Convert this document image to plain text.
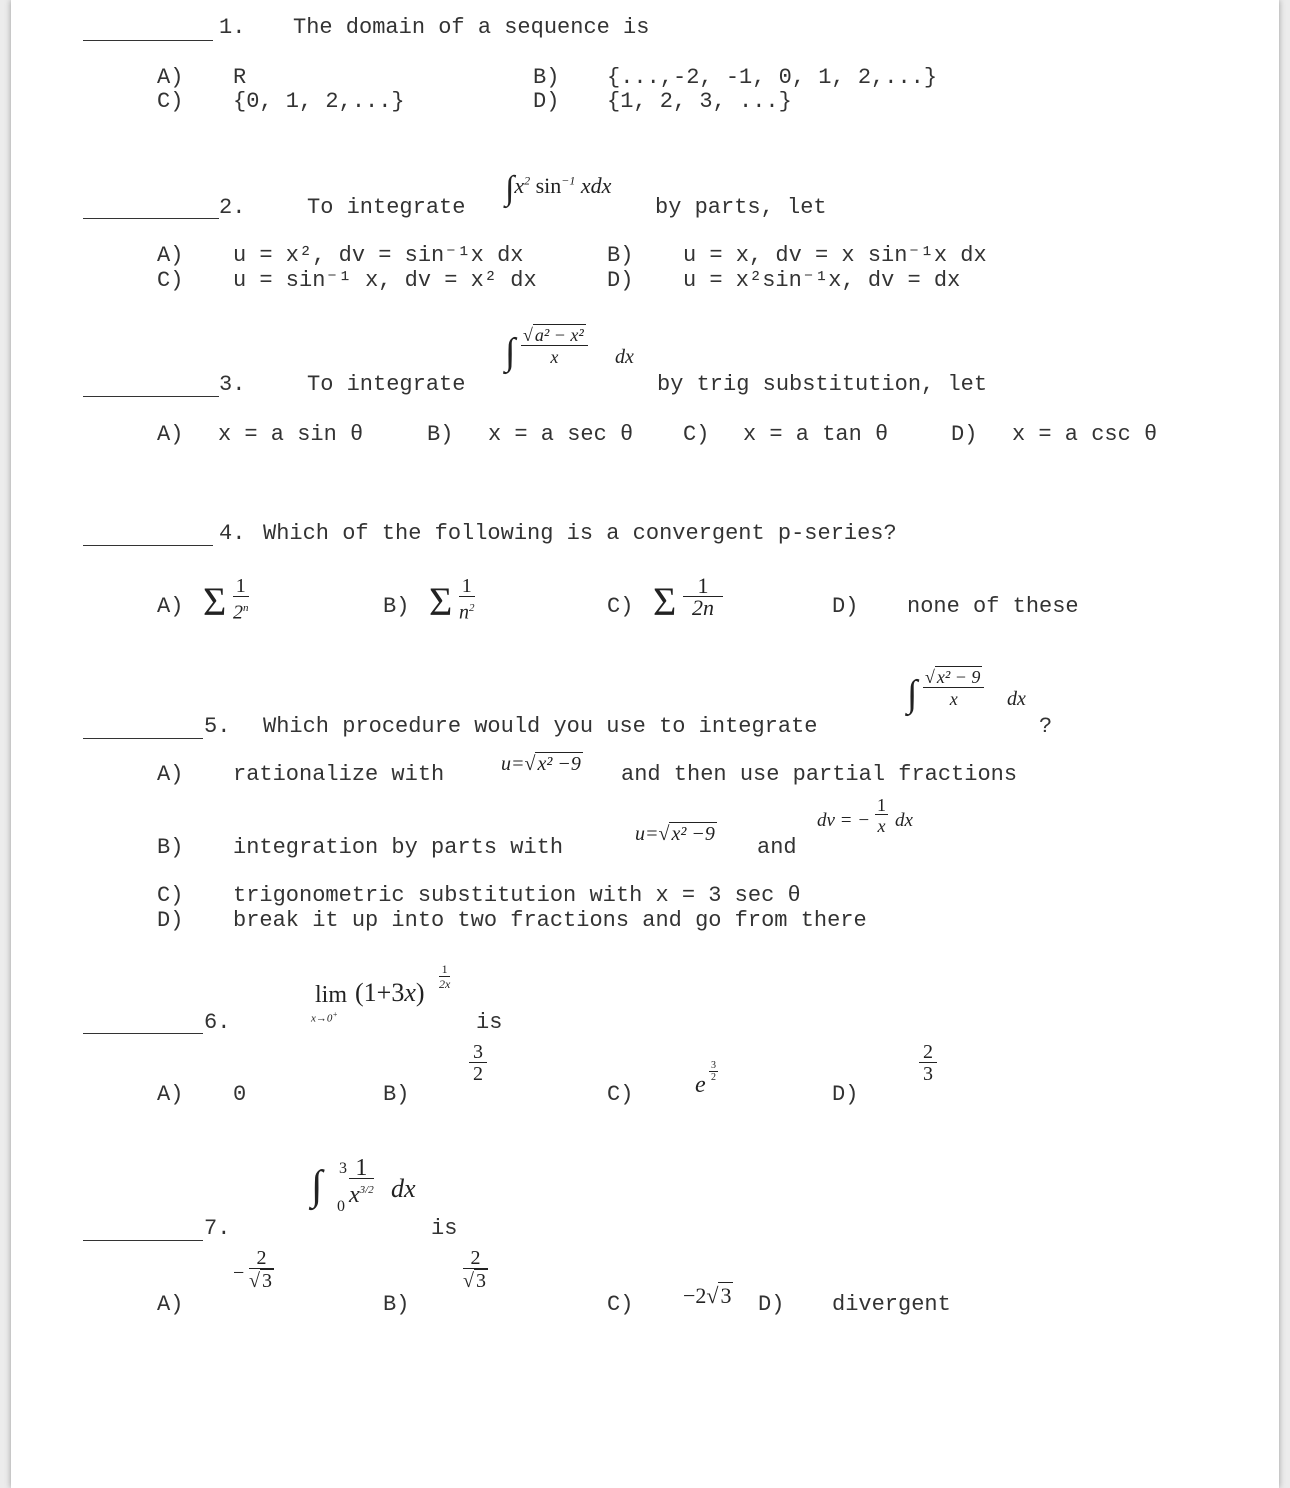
1. The domain of a sequence is
A) R	B) {...,-2, -1, 0, 1, 2,...}
C) {0, 1, 2,...}	D) {1, 2, 3, ...}
2.	To integrate
$\int x^2$ $\sin^{-1}$ xdx
by parts, let
A) u = x², dv = sin⁻¹x dx	B) u = x, dv = x sin⁻¹x dx
C) u = sin⁻¹ x, dv = x² dx	D) u = x²sin⁻¹x, dv = dx
3.	To integrate
∫ √ a² − x²
x	dx
by trig substitution, let
A) x = a sin θ	B) x = a sec θ C) x = a tan θ	D) x = a csc θ
4. Which of the following is a convergent p-series?
A) Σ 1
2$^n$	B) Σ 1
$n^2$	C) Σ 1
2n	D) none of these
5. Which procedure would you use to integrate
∫ √ x² − 9
x	dx
?
A) rationalize with	u=√ x² −9 and then use partial fractions
B) integration by parts with
u=√ x² −9
and
dv = −
1
x dx
C) trigonometric substitution with x = 3 sec θ
D) break it up into two fractions and go from there
6.
lim
x→0+
(1+3x)
1
2x
is
A) 0	B)
3
2
C)	e
3
2
D)
2
3
7.
∫ 3
0
1
$x^{3/2}$ dx
is
A)
−
2
√ 3
B)
2
√ 3
C) −2√3 D) divergent
